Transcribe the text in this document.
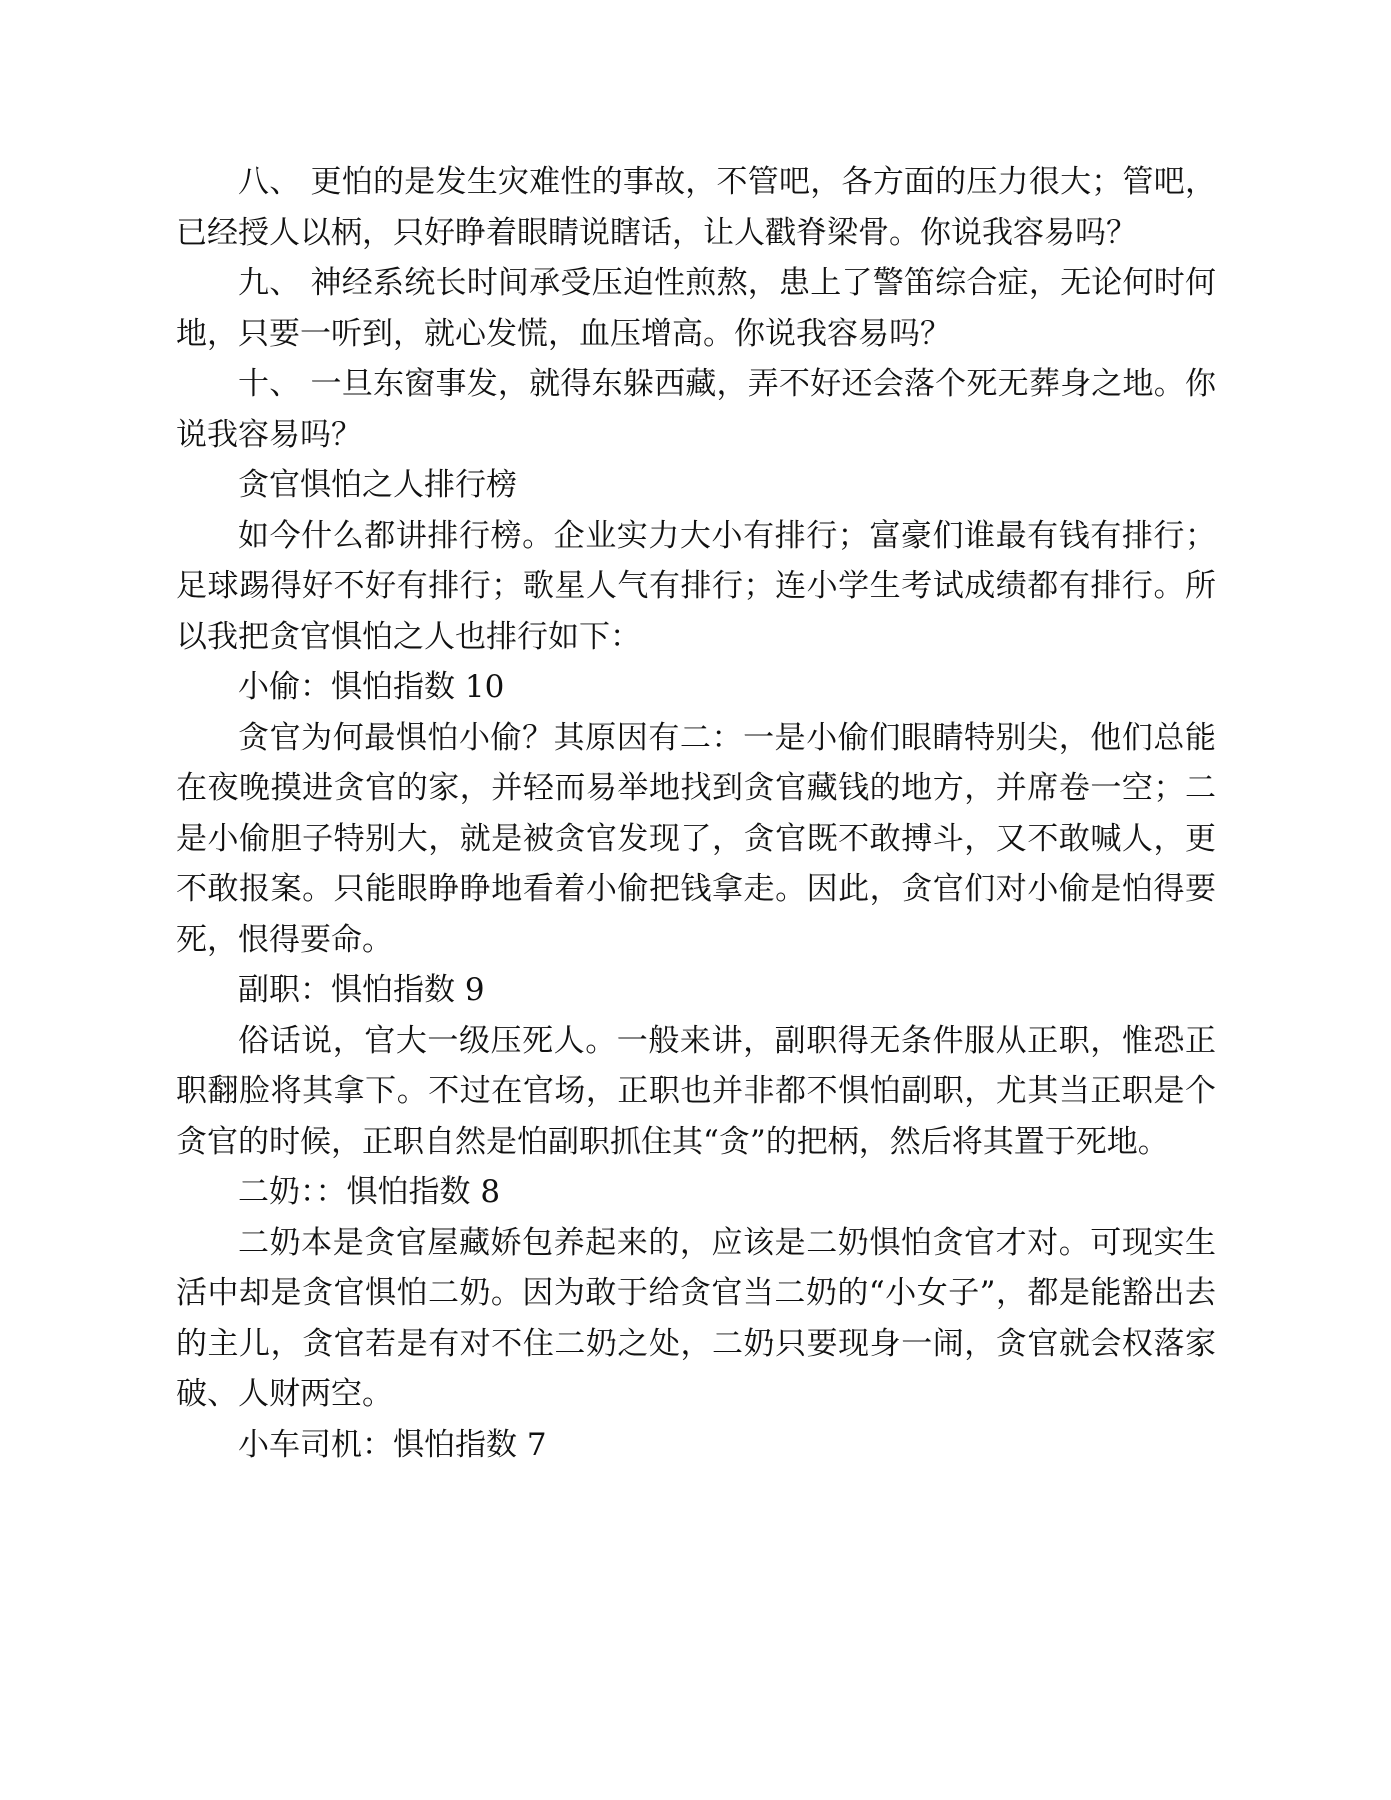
八、 更怕的是发生灾难性的事故，不管吧，各方面的压力很大；管吧，已经授人以柄，只好睁着眼睛说瞎话，让人戳脊梁骨。你说我容易吗？

九、 神经系统长时间承受压迫性煎熬，患上了警笛综合症，无论何时何地，只要一听到，就心发慌，血压增高。你说我容易吗？

十、 一旦东窗事发，就得东躲西藏，弄不好还会落个死无葬身之地。你说我容易吗？

贪官惧怕之人排行榜

如今什么都讲排行榜。企业实力大小有排行；富豪们谁最有钱有排行；足球踢得好不好有排行；歌星人气有排行；连小学生考试成绩都有排行。所以我把贪官惧怕之人也排行如下：

小偷：惧怕指数 10

贪官为何最惧怕小偷？其原因有二：一是小偷们眼睛特别尖，他们总能在夜晚摸进贪官的家，并轻而易举地找到贪官藏钱的地方，并席卷一空；二是小偷胆子特别大，就是被贪官发现了，贪官既不敢搏斗，又不敢喊人，更不敢报案。只能眼睁睁地看着小偷把钱拿走。因此，贪官们对小偷是怕得要死，恨得要命。

副职：惧怕指数 9

俗话说，官大一级压死人。一般来讲，副职得无条件服从正职，惟恐正职翻脸将其拿下。不过在官场，正职也并非都不惧怕副职，尤其当正职是个贪官的时候，正职自然是怕副职抓住其“贪”的把柄，然后将其置于死地。

二奶：：惧怕指数 8

二奶本是贪官屋藏娇包养起来的，应该是二奶惧怕贪官才对。可现实生活中却是贪官惧怕二奶。因为敢于给贪官当二奶的“小女子”，都是能豁出去的主儿，贪官若是有对不住二奶之处，二奶只要现身一闹，贪官就会权落家破、人财两空。

小车司机：惧怕指数 7
